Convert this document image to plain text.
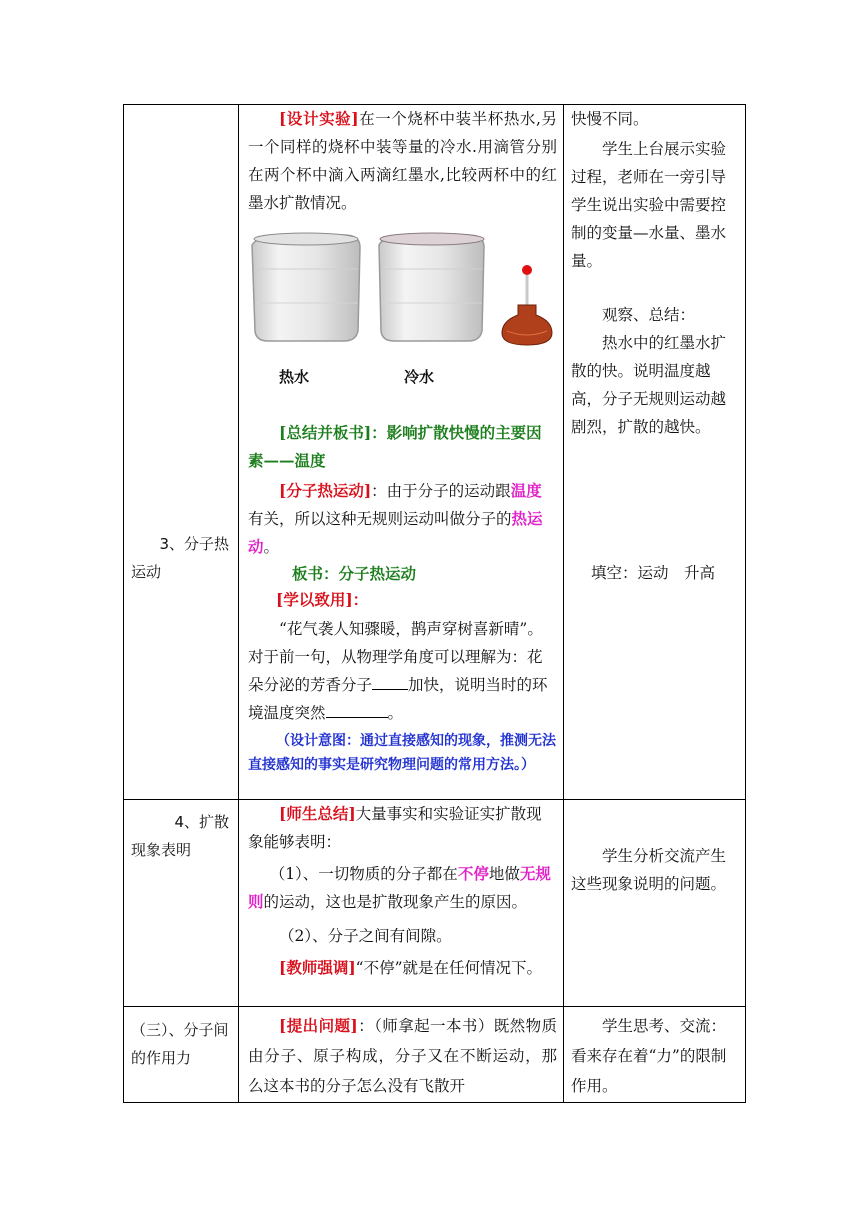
3、分子热运动
[设计实验]在一个烧杯中装半杯热水,另一个同样的烧杯中装等量的冷水.用滴管分别在两个杯中滴入两滴红墨水,比较两杯中的红墨水扩散情况。
热水	冷水
[总结并板书]：影响扩散快慢的主要因素——温度
[分子热运动]：由于分子的运动跟温度有关，所以这种无规则运动叫做分子的热运动。
板书：分子热运动
[学以致用]：
“花气袭人知骤暖，鹊声穿树喜新晴”。对于前一句，从物理学角度可以理解为：花朵分泌的芳香分子 加快，说明当时的环境温度突然	。
（设计意图：通过直接感知的现象，推测无法直接感知的事实是研究物理问题的常用方法。）
快慢不同。
学生上台展示实验过程，老师在一旁引导学生说出实验中需要控制的变量—水量、墨水量。
观察、总结：
热水中的红墨水扩散的快。说明温度越高，分子无规则运动越剧烈，扩散的越快。
填空：运动　升高
4、扩散现象表明
[师生总结]大量事实和实验证实扩散现象能够表明：
（1）、一切物质的分子都在不停地做无规则的运动，这也是扩散现象产生的原因。
（2）、分子之间有间隙。
[教师强调]“不停”就是在任何情况下。
学生分析交流产生这些现象说明的问题。
（三）、分子间的作用力
[提出问题]：（师拿起一本书）既然物质由分子、原子构成，分子又在不断运动，那么这本书的分子怎么没有飞散开
学生思考、交流：看来存在着“力”的限制作用。
